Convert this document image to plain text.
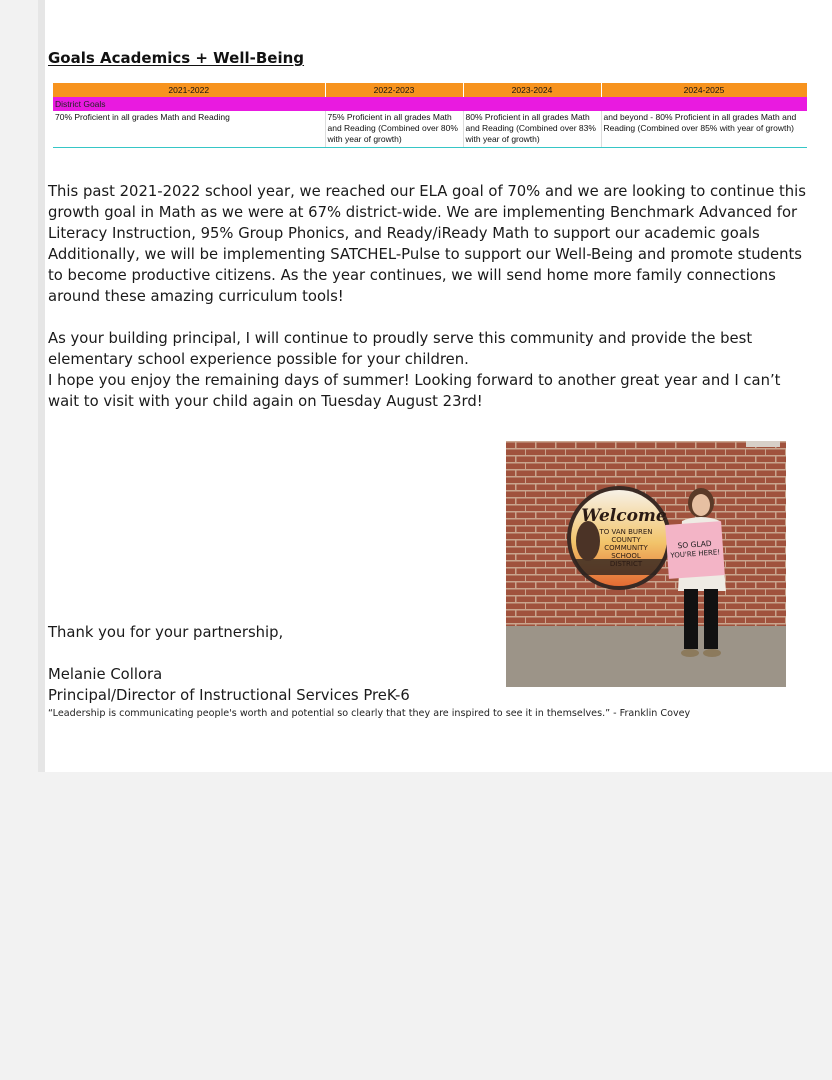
Goals Academics + Well-Being
2021-2022	2022-2023	2023-2024	2024-2025
District Goals			
70% Proficient in all grades Math and Reading	75% Proficient in all grades Math and Reading (Combined over 80% with year of growth)	80% Proficient in all grades Math and Reading (Combined over 83% with year of growth)	and beyond - 80% Proficient in all grades Math and Reading (Combined over 85% with year of growth)

This past 2021-2022 school year, we reached our ELA goal of 70% and we are looking to continue this growth goal in Math as we were at 67% district-wide. We are implementing Benchmark Advanced for Literacy Instruction, 95% Group Phonics, and Ready/iReady Math to support our academic goals Additionally, we will be implementing SATCHEL-Pulse to support our Well-Being and promote students to become productive citizens. As the year continues, we will send home more family connections around these amazing curriculum tools!

As your building principal, I will continue to proudly serve this community and provide the best elementary school experience possible for your children.

I hope you enjoy the remaining days of summer! Looking forward to another great year and I can’t wait to visit with your child again on Tuesday August 23rd!

Welcome
TO VAN BUREN
COUNTY
COMMUNITY
SCHOOL
DISTRICT
SO GLAD
YOU'RE HERE!
Thank you for your partnership,
Melanie Collora
Principal/Director of Instructional Services PreK-6
“Leadership is communicating people's worth and potential so clearly that they are inspired to see it in themselves.” - Franklin Covey
